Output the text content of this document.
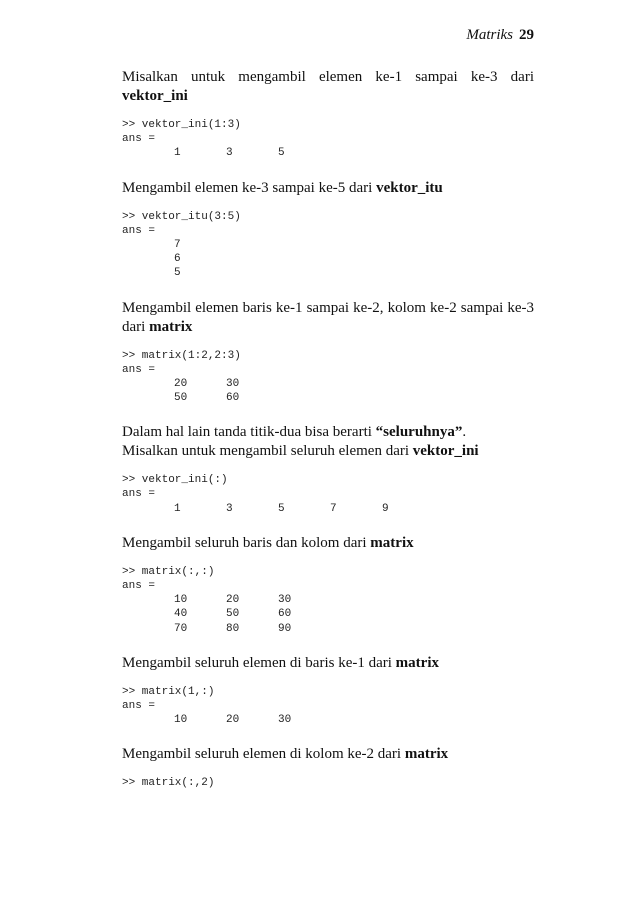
Matriks 29
Misalkan untuk mengambil elemen ke-1 sampai ke-3 dari vektor_ini
>> vektor_ini(1:3)
ans =
1	3	5
Mengambil elemen ke-3 sampai ke-5 dari vektor_itu
>> vektor_itu(3:5)
ans =
7
6
5
Mengambil elemen baris ke-1 sampai ke-2, kolom ke-2 sampai ke-3 dari matrix
>> matrix(1:2,2:3)
ans =
20	30
50	60
Dalam hal lain tanda titik-dua bisa berarti “seluruhnya”.
Misalkan untuk mengambil seluruh elemen dari vektor_ini
>> vektor_ini(:)
ans =
1	3	5	7	9
Mengambil seluruh baris dan kolom dari matrix
>> matrix(:,:)
ans =
10	20	30
40	50	60
70	80	90
Mengambil seluruh elemen di baris ke-1 dari matrix
>> matrix(1,:)
ans =
10	20	30
Mengambil seluruh elemen di kolom ke-2 dari matrix
>> matrix(:,2)
